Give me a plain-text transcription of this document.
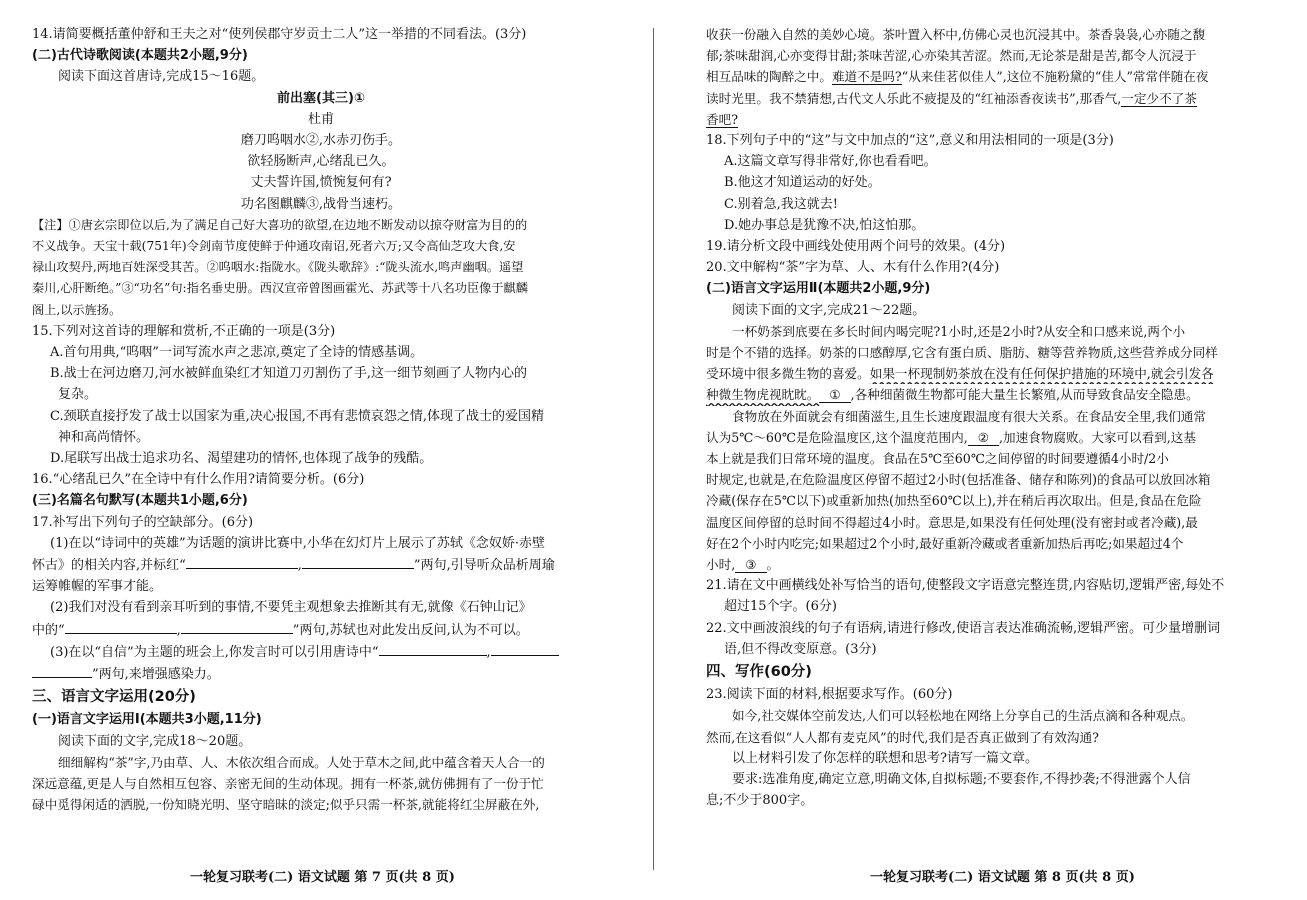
14.请简要概括董仲舒和王夫之对“使列侯郡守岁贡士二人”这一举措的不同看法。(3分)
(二)古代诗歌阅读(本题共2小题,9分)
阅读下面这首唐诗,完成15～16题。
前出塞(其三)①
杜甫
磨刀呜咽水②,水赤刃伤手。
欲轻肠断声,心绪乱已久。
丈夫誓许国,愤惋复何有?
功名图麒麟③,战骨当速朽。
【注】①唐玄宗即位以后,为了满足自己好大喜功的欲望,在边地不断发动以掠夺财富为目的的
不义战争。天宝十载(751年)令剑南节度使鲜于仲通攻南诏,死者六万;又令高仙芝攻大食,安
禄山攻契丹,两地百姓深受其苦。②呜咽水:指陇水。《陇头歌辞》:“陇头流水,鸣声幽咽。遥望
秦川,心肝断绝。”③“功名”句:指名垂史册。西汉宣帝曾图画霍光、苏武等十八名功臣像于麒麟
阁上,以示旌扬。
15.下列对这首诗的理解和赏析,不正确的一项是(3分)
A.首句用典,“呜咽”一词写流水声之悲凉,奠定了全诗的情感基调。
B.战士在河边磨刀,河水被鲜血染红才知道刀刃割伤了手,这一细节刻画了人物内心的
复杂。
C.颈联直接抒发了战士以国家为重,决心报国,不再有悲愤哀怨之情,体现了战士的爱国精
神和高尚情怀。
D.尾联写出战士追求功名、渴望建功的情怀,也体现了战争的残酷。
16.“心绪乱已久”在全诗中有什么作用?请简要分析。(6分)
(三)名篇名句默写(本题共1小题,6分)
17.补写出下列句子的空缺部分。(6分)
(1)在以“诗词中的英雄”为话题的演讲比赛中,小华在幻灯片上展示了苏轼《念奴娇·赤壁
怀古》的相关内容,并标红“	,	”两句,引导听众品析周瑜
运筹帷幄的军事才能。
(2)我们对没有看到亲耳听到的事情,不要凭主观想象去推断其有无,就像《石钟山记》
中的“	,	”两句,苏轼也对此发出反问,认为不可以。
(3)在以“自信”为主题的班会上,你发言时可以引用唐诗中“	,
”两句,来增强感染力。
三、语言文字运用(20分)
(一)语言文字运用Ⅰ(本题共3小题,11分)
阅读下面的文字,完成18～20题。
细细解构“茶”字,乃由草、人、木依次组合而成。人处于草木之间,此中蕴含着天人合一的
深远意蕴,更是人与自然相互包容、亲密无间的生动体现。拥有一杯茶,就仿佛拥有了一份于忙
碌中觅得闲适的洒脱,一份知晓光明、坚守暗昧的淡定;似乎只需一杯茶,就能将红尘屏蔽在外,
收获一份融入自然的美妙心境。茶叶置入杯中,仿佛心灵也沉浸其中。茶香袅袅,心亦随之馥
郁;茶味甜润,心亦变得甘甜;茶味苦涩,心亦染其苦涩。然而,无论茶是甜是苦,都令人沉浸于
相互品味的陶醉之中。难道不是吗?“从来佳茗似佳人”,这位不施粉黛的“佳人”常常伴随在夜
读时光里。我不禁猜想,古代文人乐此不疲提及的“红袖添香夜读书”,那香气,一定少不了茶
香吧?
18.下列句子中的“这”与文中加点的“这”,意义和用法相同的一项是(3分)
A.这篇文章写得非常好,你也看看吧。
B.他这才知道运动的好处。
C.别着急,我这就去!
D.她办事总是犹豫不决,怕这怕那。
19.请分析文段中画线处使用两个问号的效果。(4分)
20.文中解构“茶”字为草、人、木有什么作用?(4分)
(二)语言文字运用Ⅱ(本题共2小题,9分)
阅读下面的文字,完成21～22题。
一杯奶茶到底要在多长时间内喝完呢?1小时,还是2小时?从安全和口感来说,两个小
时是个不错的选择。奶茶的口感醇厚,它含有蛋白质、脂肪、糖等营养物质,这些营养成分同样
受环境中很多微生物的喜爱。如果一杯现制奶茶放在没有任何保护措施的环境中,就会引发各
种微生物虎视眈眈。 ① ,各种细菌微生物都可能大量生长繁殖,从而导致食品安全隐患。
食物放在外面就会有细菌滋生,且生长速度跟温度有很大关系。在食品安全里,我们通常
认为5℃～60℃是危险温度区,这个温度范围内, ② ,加速食物腐败。大家可以看到,这基
本上就是我们日常环境的温度。食品在5℃至60℃之间停留的时间要遵循4小时/2小
时规定,也就是,在危险温度区停留不超过2小时(包括准备、储存和陈列)的食品可以放回冰箱
冷藏(保存在5℃以下)或重新加热(加热至60℃以上),并在稍后再次取出。但是,食品在危险
温度区间停留的总时间不得超过4小时。意思是,如果没有任何处理(没有密封或者冷藏),最
好在2个小时内吃完;如果超过2个小时,最好重新冷藏或者重新加热后再吃;如果超过4个
小时, ③ 。
21.请在文中画横线处补写恰当的语句,使整段文字语意完整连贯,内容贴切,逻辑严密,每处不
超过15个字。(6分)
22.文中画波浪线的句子有语病,请进行修改,使语言表达准确流畅,逻辑严密。可少量增删词
语,但不得改变原意。(3分)
四、写作(60分)
23.阅读下面的材料,根据要求写作。(60分)
如今,社交媒体空前发达,人们可以轻松地在网络上分享自己的生活点滴和各种观点。
然而,在这看似“人人都有麦克风”的时代,我们是否真正做到了有效沟通?
以上材料引发了你怎样的联想和思考?请写一篇文章。
要求:选准角度,确定立意,明确文体,自拟标题;不要套作,不得抄袭;不得泄露个人信
息;不少于800字。
一轮复习联考(二) 语文试题 第 7 页(共 8 页)	一轮复习联考(二) 语文试题 第 8 页(共 8 页)
